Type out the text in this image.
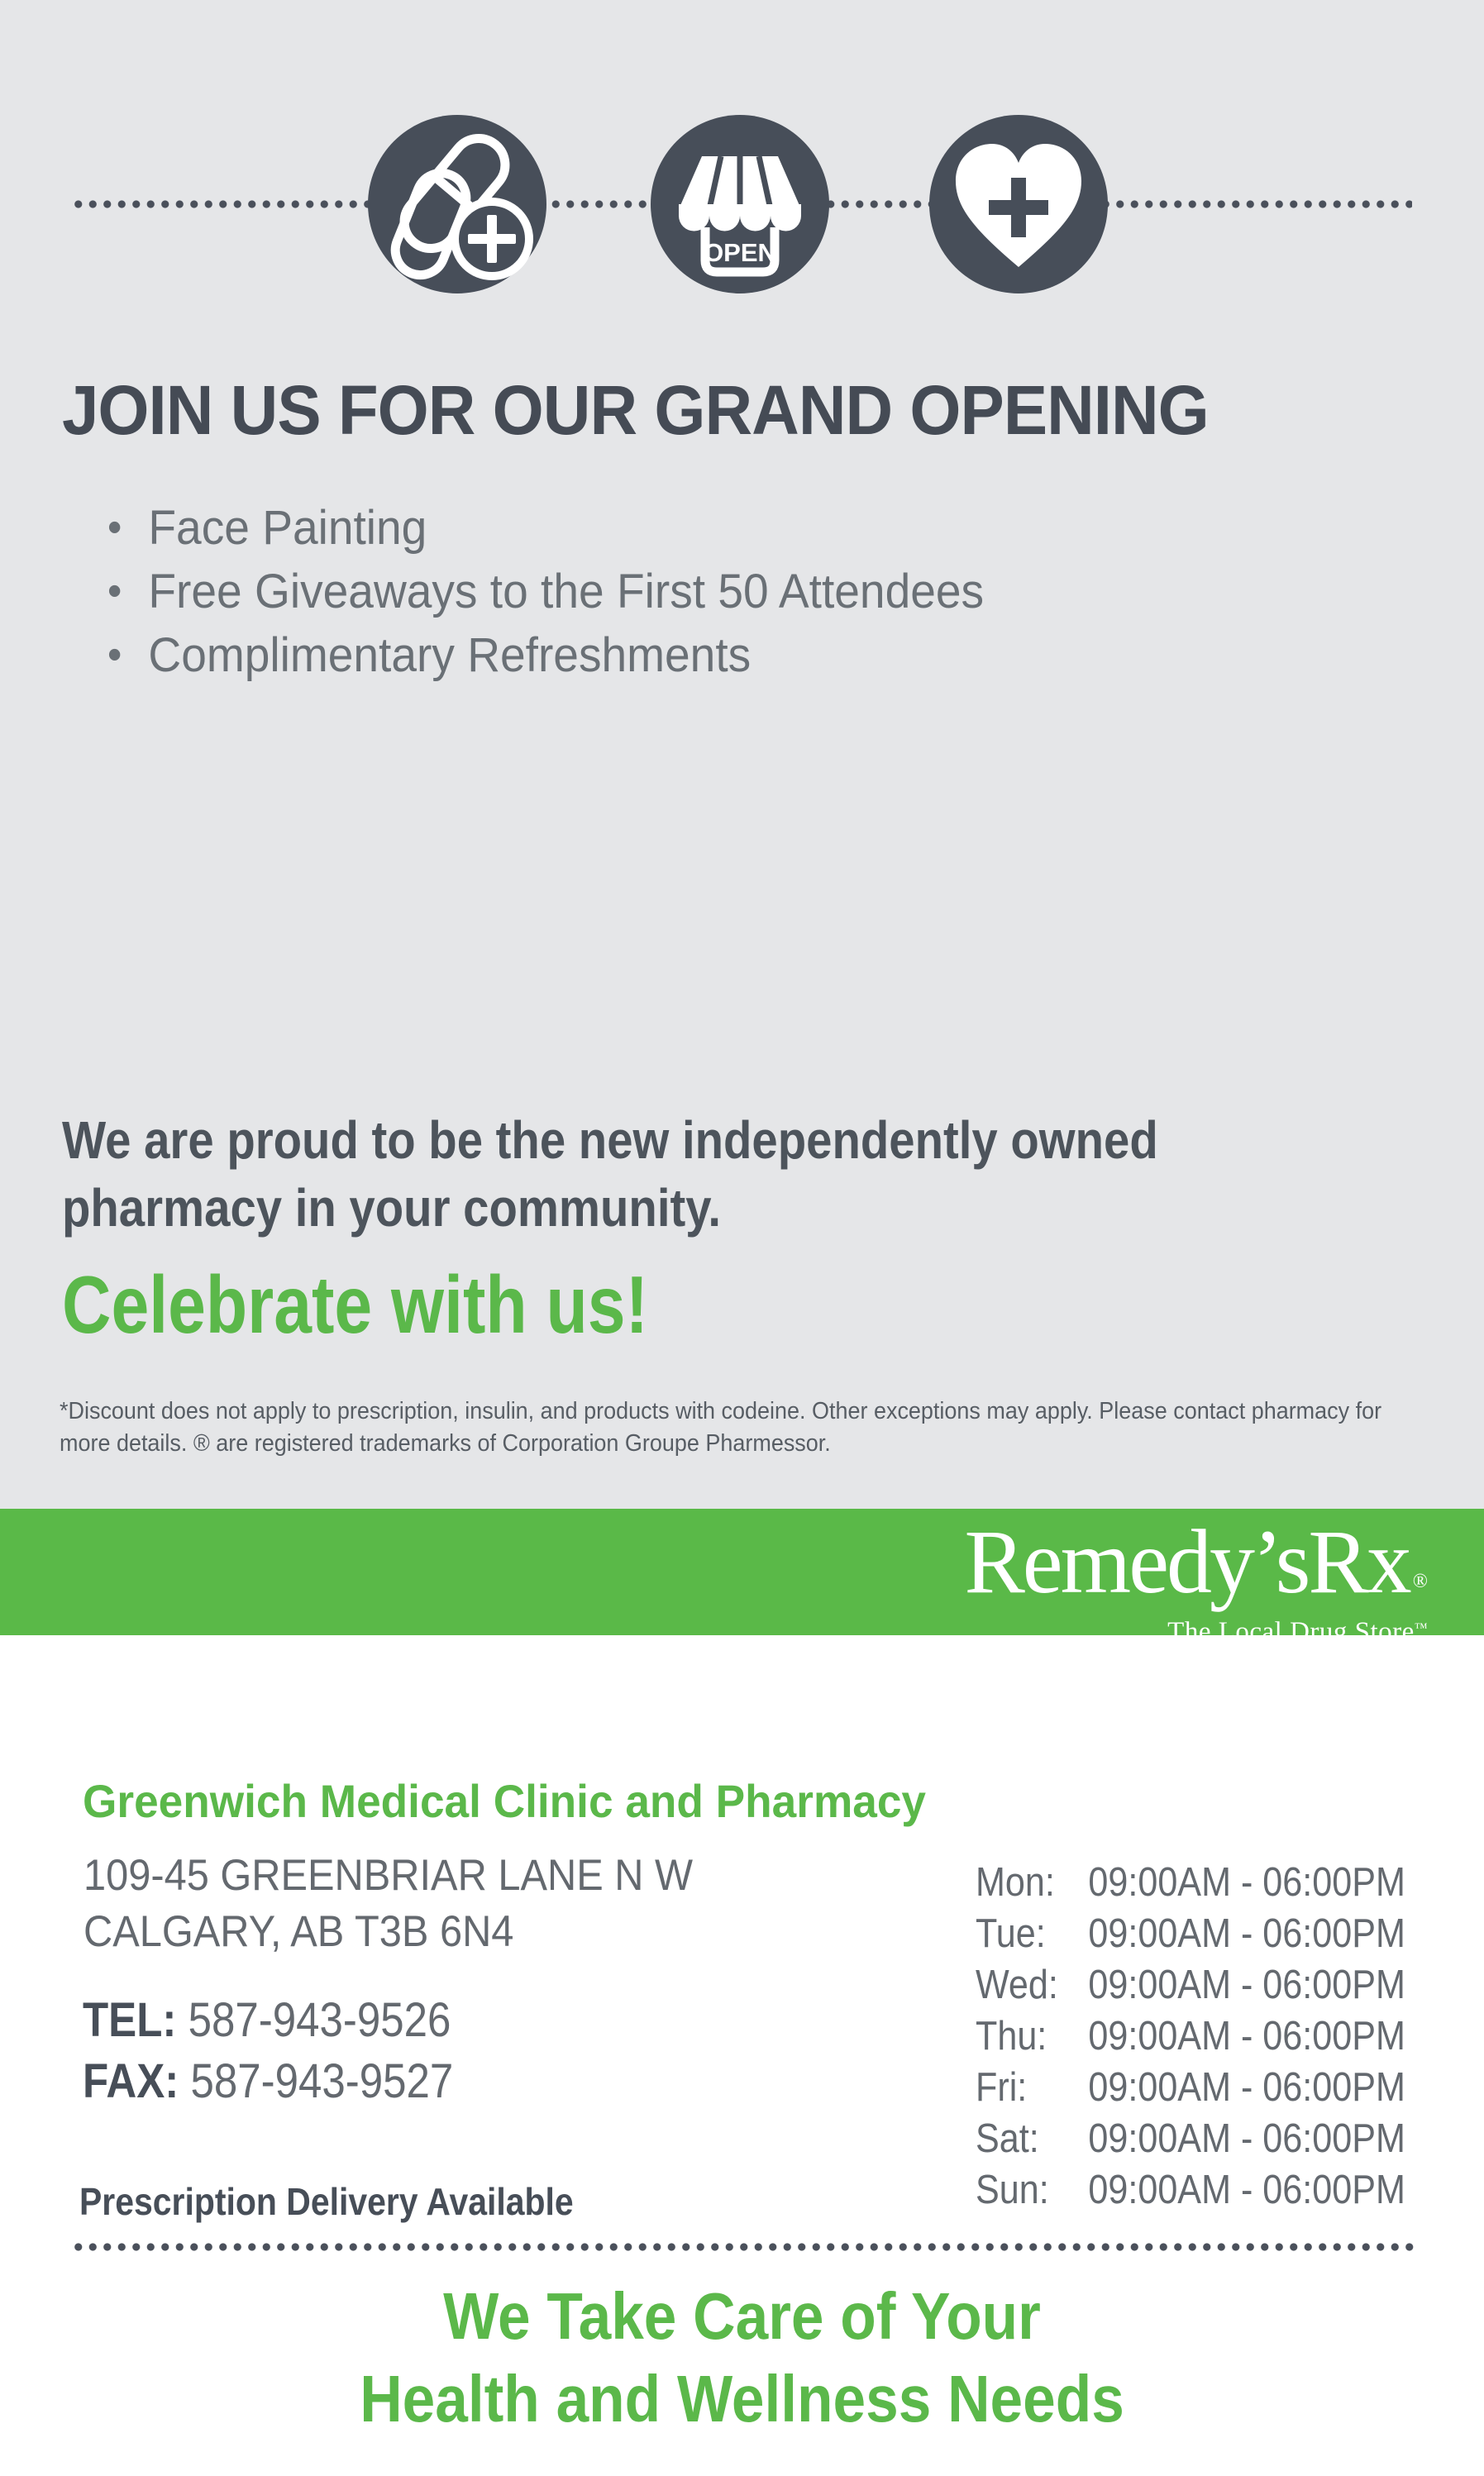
OPEN
JOIN US FOR OUR GRAND OPENING
• Face Painting
• Free Giveaways to the First 50 Attendees
• Complimentary Refreshments
We are proud to be the new independently owned
pharmacy in your community.
Celebrate with us!
*Discount does not apply to prescription, insulin, and products with codeine. Other exceptions may apply. Please contact pharmacy for more details. ® are registered trademarks of Corporation Groupe Pharmessor.
Remedy’sRx ®
The Local Drug Store™
Greenwich Medical Clinic and Pharmacy
109-45 GREENBRIAR LANE N W
CALGARY, AB T3B 6N4
TEL: 587-943-9526
FAX: 587-943-9527
Prescription Delivery Available
Mon: 09:00AM - 06:00PM
Tue: 09:00AM - 06:00PM
Wed: 09:00AM - 06:00PM
Thu: 09:00AM - 06:00PM
Fri: 09:00AM - 06:00PM
Sat: 09:00AM - 06:00PM
Sun: 09:00AM - 06:00PM
We Take Care of Your
Health and Wellness Needs
